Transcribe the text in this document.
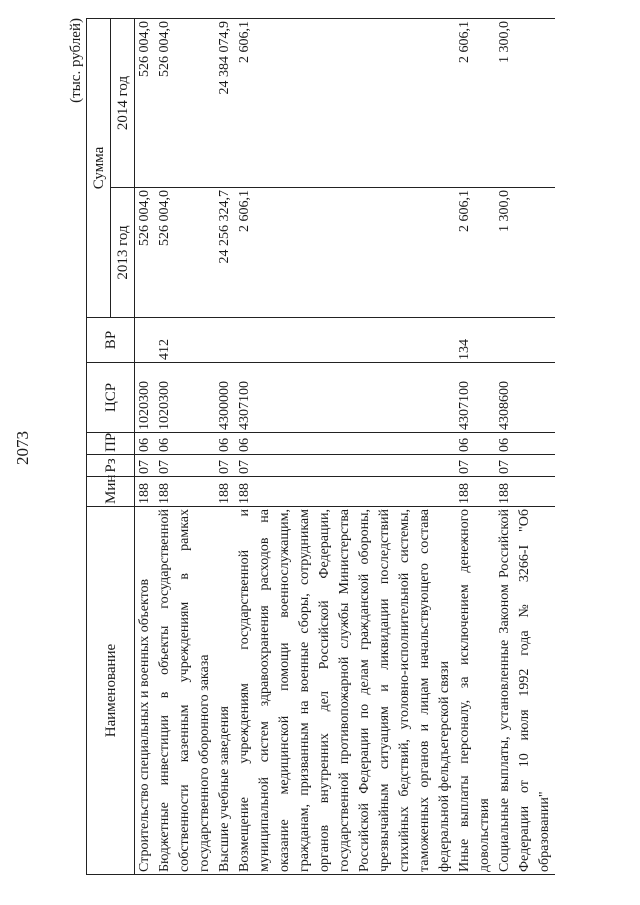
2073
(тыс. рублей)
Наименование	Мин	Рз	ПР	ЦСР	ВР	Сумма	
						2013 год	2014 год
Строительство специальных и военных объектов	188	07	06	1020300		526 004,0	526 004,0
Бюджетные инвестиции в объекты государственной собственности казенным учреждениям в рамках государственного оборонного заказа	188	07	06	1020300	412	526 004,0	526 004,0
Высшие учебные заведения	188	07	06	4300000		24 256 324,7	24 384 074,9
Возмещение учреждениям государственной и муниципальной систем здравоохранения расходов на оказание медицинской помощи военнослужащим, гражданам, призванным на военные сборы, сотрудникам органов внутренних дел Российской Федерации, государственной противопожарной службы Министерства Российской Федерации по делам гражданской обороны, чрезвычайным ситуациям и ликвидации последствий стихийных бедствий, уголовно-исполнительной системы, таможенных органов и лицам начальствующего состава федеральной фельдъегерской связи	188	07	06	4307100		2 606,1	2 606,1
Иные выплаты персоналу, за исключением денежного довольствия	188	07	06	4307100	134	2 606,1	2 606,1
Социальные выплаты, установленные Законом Российской Федерации от 10 июля 1992 года № 3266-I "Об образовании"	188	07	06	4308600		1 300,0	1 300,0
